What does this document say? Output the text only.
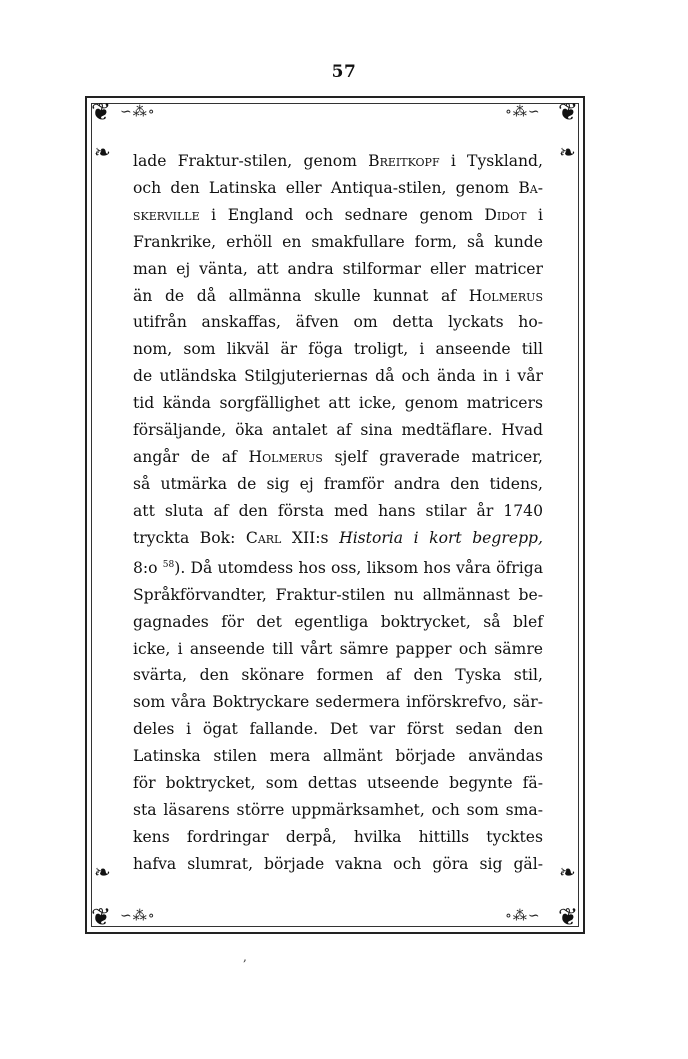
57
❦	❦
❦	❦
∽⁂∘	∘⁂∽
∽⁂∘	∘⁂∽
❧	❧
❧	❧
lade Fraktur-stilen, genom Breitkopf i Tyskland,
och den Latinska eller Antiqua-stilen, genom Ba-
skerville i England och sednare genom Didot i
Frankrike, erhöll en smakfullare form, så kunde
man ej vänta, att andra stilformar eller matricer
än de då allmänna skulle kunnat af Holmerus
utifrån anskaffas, äfven om detta lyckats ho-
nom, som likväl är föga troligt, i anseende till
de utländska Stilgjuteriernas då och ända in i vår
tid kända sorgfällighet att icke, genom matricers
försäljande, öka antalet af sina medtäflare. Hvad
angår de af Holmerus sjelf graverade matricer,
så utmärka de sig ej framför andra den tidens,
att sluta af den första med hans stilar år 1740
tryckta Bok: Carl XII:s Historia i kort begrepp,
8:o $^{58}$). Då utomdess hos oss, liksom hos våra öfriga
Språkförvandter, Fraktur-stilen nu allmännast be-
gagnades för det egentliga boktrycket, så blef
icke, i anseende till vårt sämre papper och sämre
svärta, den skönare formen af den Tyska stil,
som våra Boktryckare sedermera införskrefvo, sär-
deles i ögat fallande. Det var först sedan den
Latinska stilen mera allmänt började användas
för boktrycket, som dettas utseende begynte fä-
sta läsarens större uppmärksamhet, och som sma-
kens fordringar derpå, hvilka hittills tycktes
hafva slumrat, började vakna och göra sig gäl-
,
